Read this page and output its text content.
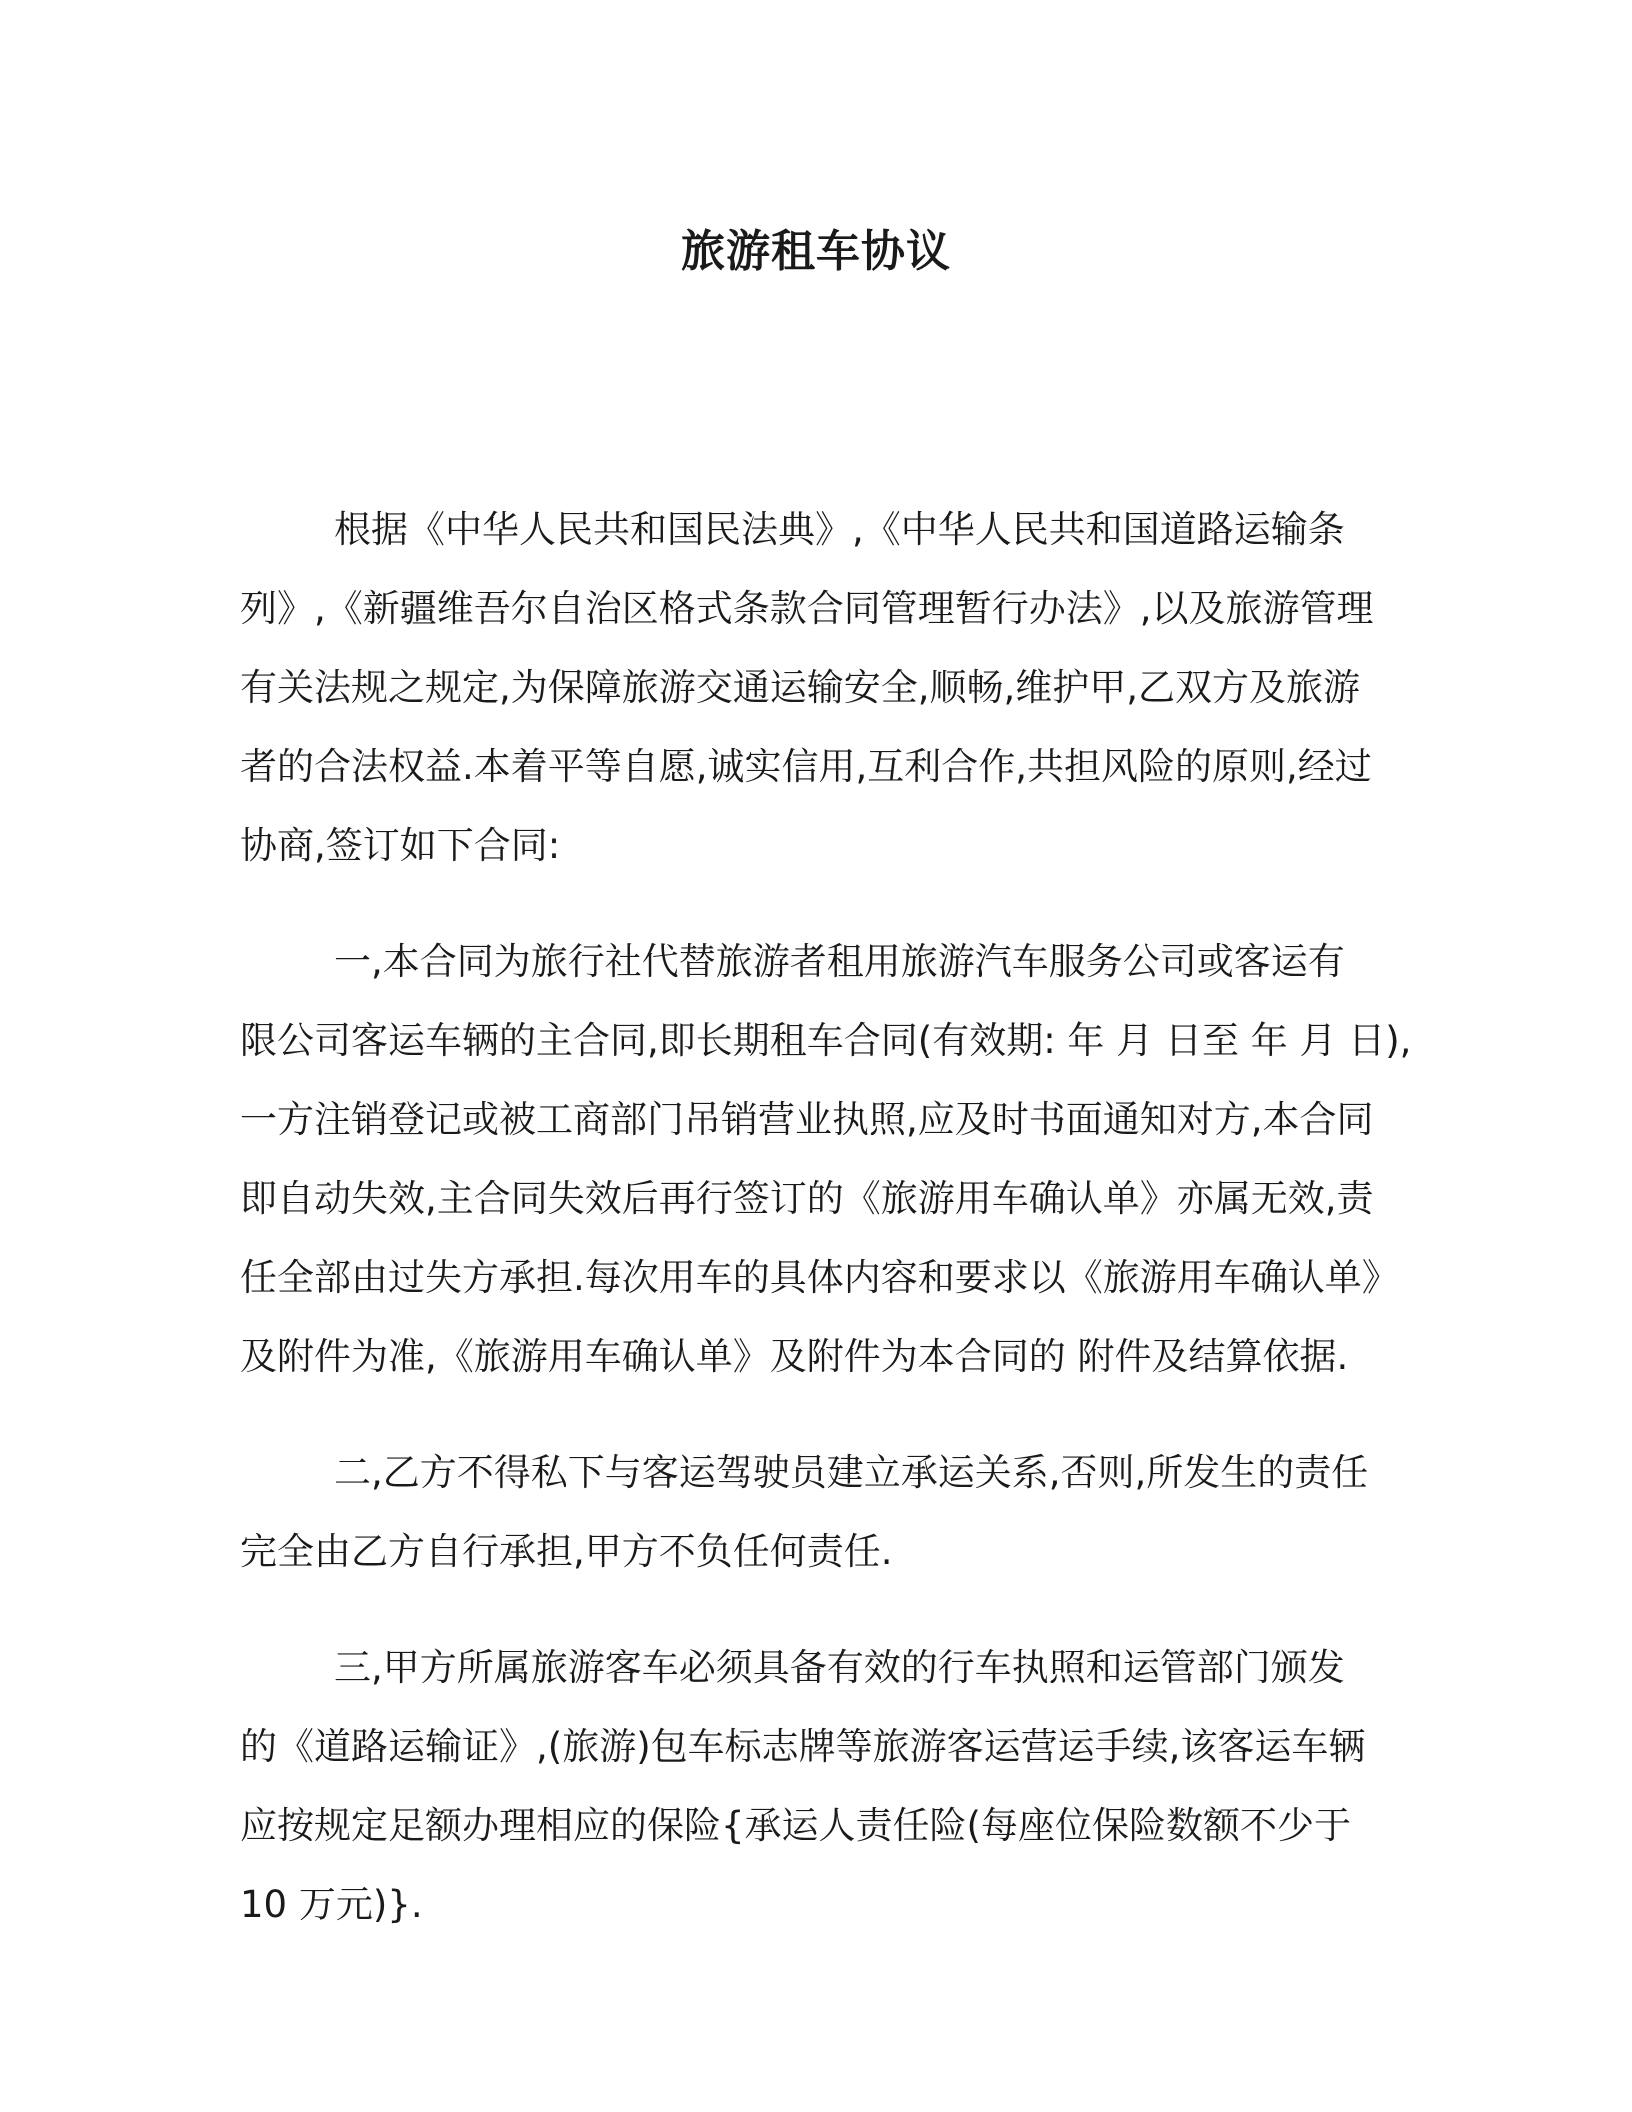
旅游租车协议
根据《中华人民共和国民法典》,《中华人民共和国道路运输条
列》,《新疆维吾尔自治区格式条款合同管理暂行办法》,以及旅游管理
有关法规之规定,为保障旅游交通运输安全,顺畅,维护甲,乙双方及旅游
者的合法权益.本着平等自愿,诚实信用,互利合作,共担风险的原则,经过
协商,签订如下合同:
一,本合同为旅行社代替旅游者租用旅游汽车服务公司或客运有
限公司客运车辆的主合同,即长期租车合同(有效期: 年 月 日至 年 月 日),
一方注销登记或被工商部门吊销营业执照,应及时书面通知对方,本合同
即自动失效,主合同失效后再行签订的《旅游用车确认单》亦属无效,责
任全部由过失方承担.每次用车的具体内容和要求以《旅游用车确认单》
及附件为准,《旅游用车确认单》及附件为本合同的 附件及结算依据.
二,乙方不得私下与客运驾驶员建立承运关系,否则,所发生的责任
完全由乙方自行承担,甲方不负任何责任.
三,甲方所属旅游客车必须具备有效的行车执照和运管部门颁发
的《道路运输证》,(旅游)包车标志牌等旅游客运营运手续,该客运车辆
应按规定足额办理相应的保险{承运人责任险(每座位保险数额不少于
10 万元)}.
